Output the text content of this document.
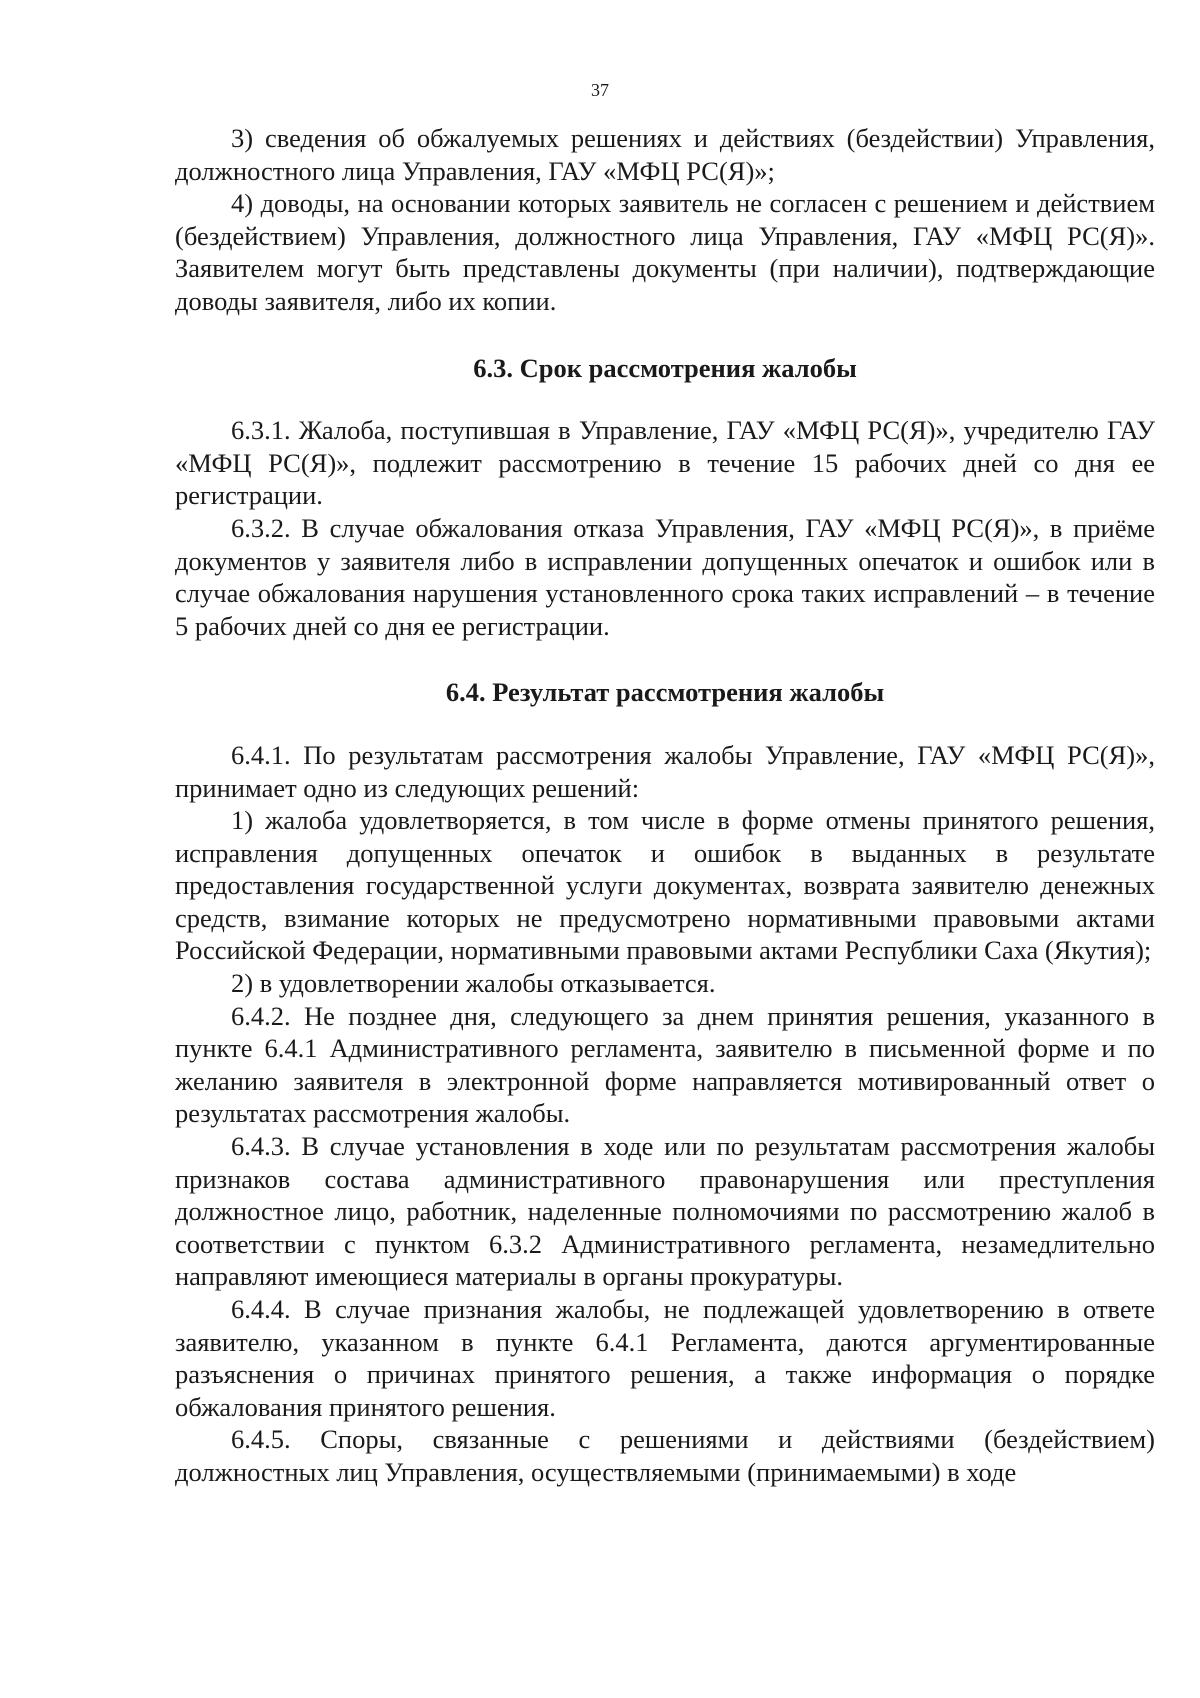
37

3) сведения об обжалуемых решениях и действиях (бездействии) Управления, должностного лица Управления, ГАУ «МФЦ РС(Я)»;

4) доводы, на основании которых заявитель не согласен с решением и действием (бездействием) Управления, должностного лица Управления, ГАУ «МФЦ РС(Я)». Заявителем могут быть представлены документы (при наличии), подтверждающие доводы заявителя, либо их копии.

6.3. Срок рассмотрения жалобы

6.3.1. Жалоба, поступившая в Управление, ГАУ «МФЦ РС(Я)», учредителю ГАУ «МФЦ РС(Я)», подлежит рассмотрению в течение 15 рабочих дней со дня ее регистрации.

6.3.2. В случае обжалования отказа Управления, ГАУ «МФЦ РС(Я)», в приёме документов у заявителя либо в исправлении допущенных опечаток и ошибок или в случае обжалования нарушения установленного срока таких исправлений – в течение 5 рабочих дней со дня ее регистрации.

6.4. Результат рассмотрения жалобы

6.4.1. По результатам рассмотрения жалобы Управление, ГАУ «МФЦ РС(Я)», принимает одно из следующих решений:

1) жалоба удовлетворяется, в том числе в форме отмены принятого решения, исправления допущенных опечаток и ошибок в выданных в результате предоставления государственной услуги документах, возврата заявителю денежных средств, взимание которых не предусмотрено нормативными правовыми актами Российской Федерации, нормативными правовыми актами Республики Саха (Якутия);

2) в удовлетворении жалобы отказывается.

6.4.2. Не позднее дня, следующего за днем принятия решения, указанного в пункте 6.4.1 Административного регламента, заявителю в письменной форме и по желанию заявителя в электронной форме направляется мотивированный ответ о результатах рассмотрения жалобы.

6.4.3. В случае установления в ходе или по результатам рассмотрения жалобы признаков состава административного правонарушения или преступления должностное лицо, работник, наделенные полномочиями по рассмотрению жалоб в соответствии с пунктом 6.3.2 Административного регламента, незамедлительно направляют имеющиеся материалы в органы прокуратуры.

6.4.4. В случае признания жалобы, не подлежащей удовлетворению в ответе заявителю, указанном в пункте 6.4.1 Регламента, даются аргументированные разъяснения о причинах принятого решения, а также информация о порядке обжалования принятого решения.

6.4.5. Споры, связанные с решениями и действиями (бездействием) должностных лиц Управления, осуществляемыми (принимаемыми) в ходе
